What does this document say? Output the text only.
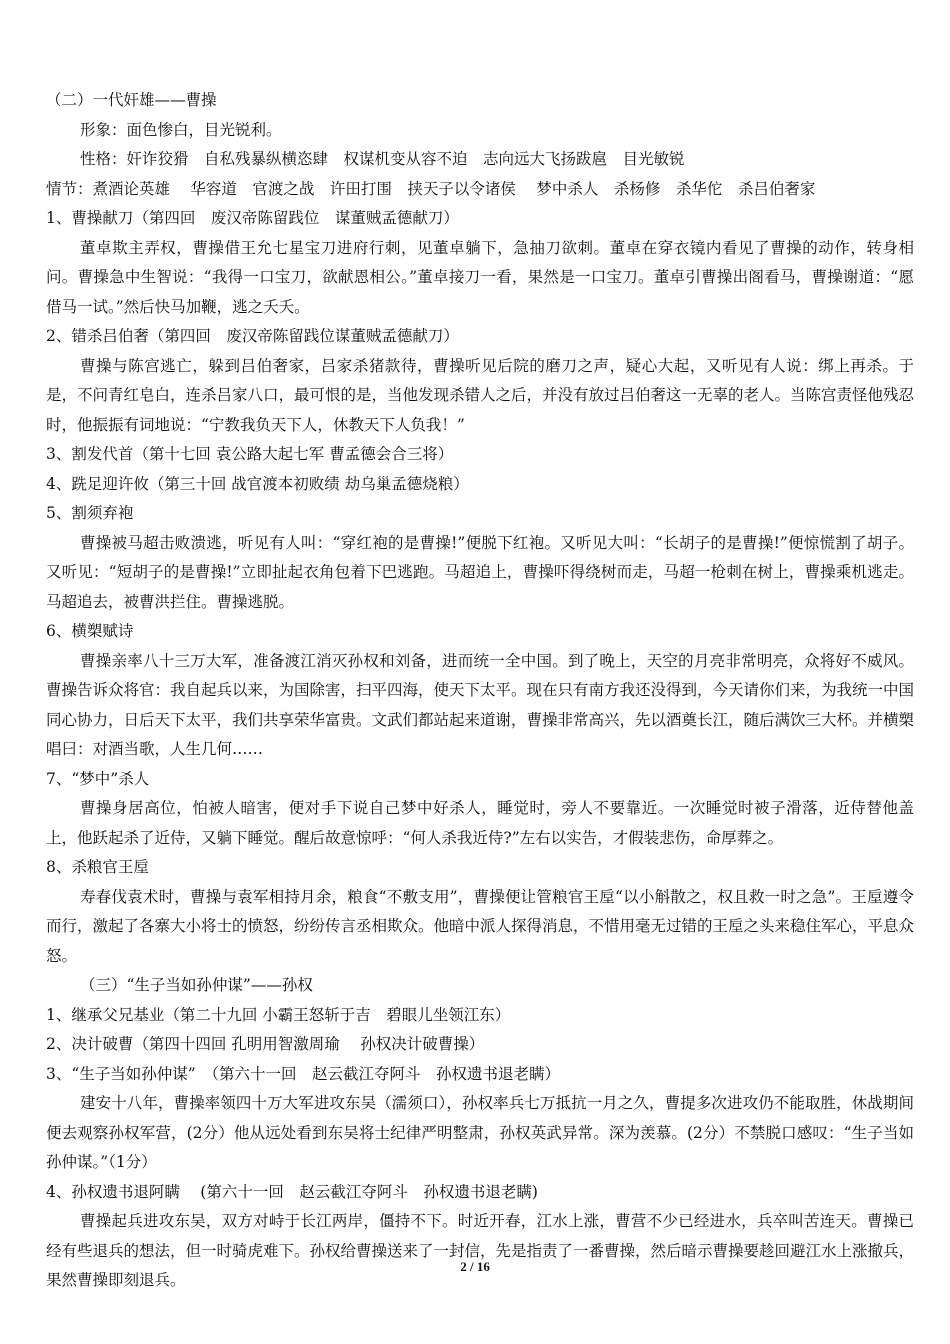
（二）一代奸雄——曹操
形象：面色惨白，目光锐利。
性格：奸诈狡猾　自私残暴纵横恣肆　权谋机变从容不迫　志向远大飞扬跋扈　目光敏锐
情节：煮酒论英雄　 华容道　官渡之战　许田打围　挟天子以令诸侯　 梦中杀人　杀杨修　杀华佗　杀吕伯奢家
1、曹操献刀（第四回　废汉帝陈留践位　谋董贼孟德献刀）
董卓欺主弄权，曹操借王允七星宝刀进府行刺，见董卓躺下，急抽刀欲刺。董卓在穿衣镜内看见了曹操的动作，转身相问。曹操急中生智说：“我得一口宝刀，欲献恩相公。”董卓接刀一看，果然是一口宝刀。董卓引曹操出阁看马，曹操谢道：“愿借马一试。”然后快马加鞭，逃之夭夭。
2、错杀吕伯奢（第四回　废汉帝陈留践位谋董贼孟德献刀）
曹操与陈宫逃亡，躲到吕伯奢家，吕家杀猪款待，曹操听见后院的磨刀之声，疑心大起，又听见有人说：绑上再杀。于是，不问青红皂白，连杀吕家八口，最可恨的是，当他发现杀错人之后，并没有放过吕伯奢这一无辜的老人。当陈宫责怪他残忍时，他振振有词地说：“宁教我负天下人，休教天下人负我！”
3、割发代首（第十七回 袁公路大起七军 曹孟德会合三将）
4、跣足迎许攸（第三十回 战官渡本初败绩 劫乌巢孟德烧粮）
5、割须弃袍
曹操被马超击败溃逃，听见有人叫：“穿红袍的是曹操!”便脱下红袍。又听见大叫：“长胡子的是曹操!”便惊慌割了胡子。又听见：“短胡子的是曹操!”立即扯起衣角包着下巴逃跑。马超追上，曹操吓得绕树而走，马超一枪刺在树上，曹操乘机逃走。马超追去，被曹洪拦住。曹操逃脱。
6、横槊赋诗
曹操亲率八十三万大军，准备渡江消灭孙权和刘备，进而统一全中国。到了晚上，天空的月亮非常明亮，众将好不威风。曹操告诉众将官：我自起兵以来，为国除害，扫平四海，使天下太平。现在只有南方我还没得到，今天请你们来，为我统一中国同心协力，日后天下太平，我们共享荣华富贵。文武们都站起来道谢，曹操非常高兴，先以酒奠长江，随后满饮三大杯。并横槊唱曰：对酒当歌，人生几何……
7、“梦中”杀人
曹操身居高位，怕被人暗害，便对手下说自己梦中好杀人，睡觉时，旁人不要靠近。一次睡觉时被子滑落，近侍替他盖上，他跃起杀了近侍，又躺下睡觉。醒后故意惊呼：“何人杀我近侍?”左右以实告，才假装悲伤，命厚葬之。
8、杀粮官王垕
寿春伐袁术时，曹操与袁军相持月余，粮食“不敷支用”，曹操便让管粮官王垕“以小斛散之，权且救一时之急”。王垕遵令而行，激起了各寨大小将士的愤怒，纷纷传言丞相欺众。他暗中派人探得消息，不惜用毫无过错的王垕之头来稳住军心，平息众怒。
（三）“生子当如孙仲谋”——孙权
1、继承父兄基业（第二十九回 小霸王怒斩于吉　碧眼儿坐领江东）
2、决计破曹（第四十四回 孔明用智激周瑜　 孙权决计破曹操）
3、“生子当如孙仲谋”　（第六十一回　赵云截江夺阿斗　孙权遗书退老瞒）
建安十八年，曹操率领四十万大军进攻东吴（濡须口），孙权率兵七万抵抗一月之久，曹提多次进攻仍不能取胜，休战期间便去观察孙权军营，(2分）他从远处看到东吴将士纪律严明整肃，孙权英武异常。深为羡慕。(2分）不禁脱口感叹：“生子当如孙仲谋。”（1分）
4、孙权遗书退阿瞒　 (第六十一回　赵云截江夺阿斗　孙权遗书退老瞒)
曹操起兵进攻东吴，双方对峙于长江两岸，僵持不下。时近开春，江水上涨，曹营不少已经进水，兵卒叫苦连天。曹操已经有些退兵的想法，但一时骑虎难下。孙权给曹操送来了一封信，先是指责了一番曹操，然后暗示曹操要趁回避江水上涨撤兵，果然曹操即刻退兵。
2 / 16
